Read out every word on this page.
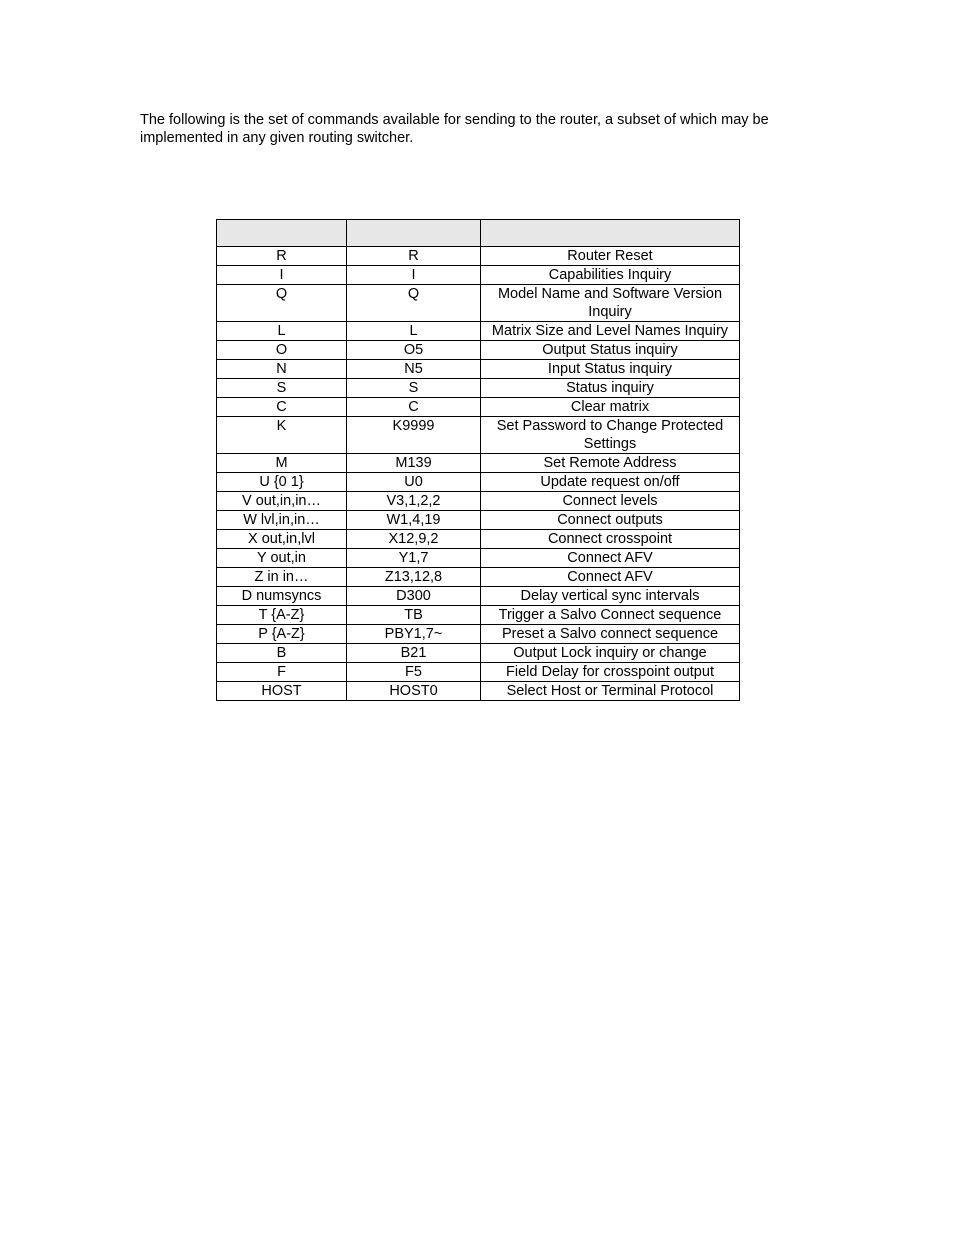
The following is the set of commands available for sending to the router, a subset of which may be implemented in any given routing switcher.

R	R	Router Reset
I	I	Capabilities Inquiry
Q	Q	Model Name and Software Version Inquiry
L	L	Matrix Size and Level Names Inquiry
O	O5	Output Status inquiry
N	N5	Input Status inquiry
S	S	Status inquiry
C	C	Clear matrix
K	K9999	Set Password to Change Protected Settings
M	M139	Set Remote Address
U {0 1}	U0	Update request on/off
V out,in,in…	V3,1,2,2	Connect levels
W lvl,in,in…	W1,4,19	Connect outputs
X out,in,lvl	X12,9,2	Connect crosspoint
Y out,in	Y1,7	Connect AFV
Z in in…	Z13,12,8	Connect AFV
D numsyncs	D300	Delay vertical sync intervals
T {A-Z}	TB	Trigger a Salvo Connect sequence
P {A-Z}	PBY1,7~	Preset a Salvo connect sequence
B	B21	Output Lock inquiry or change
F	F5	Field Delay for crosspoint output
HOST	HOST0	Select Host or Terminal Protocol
